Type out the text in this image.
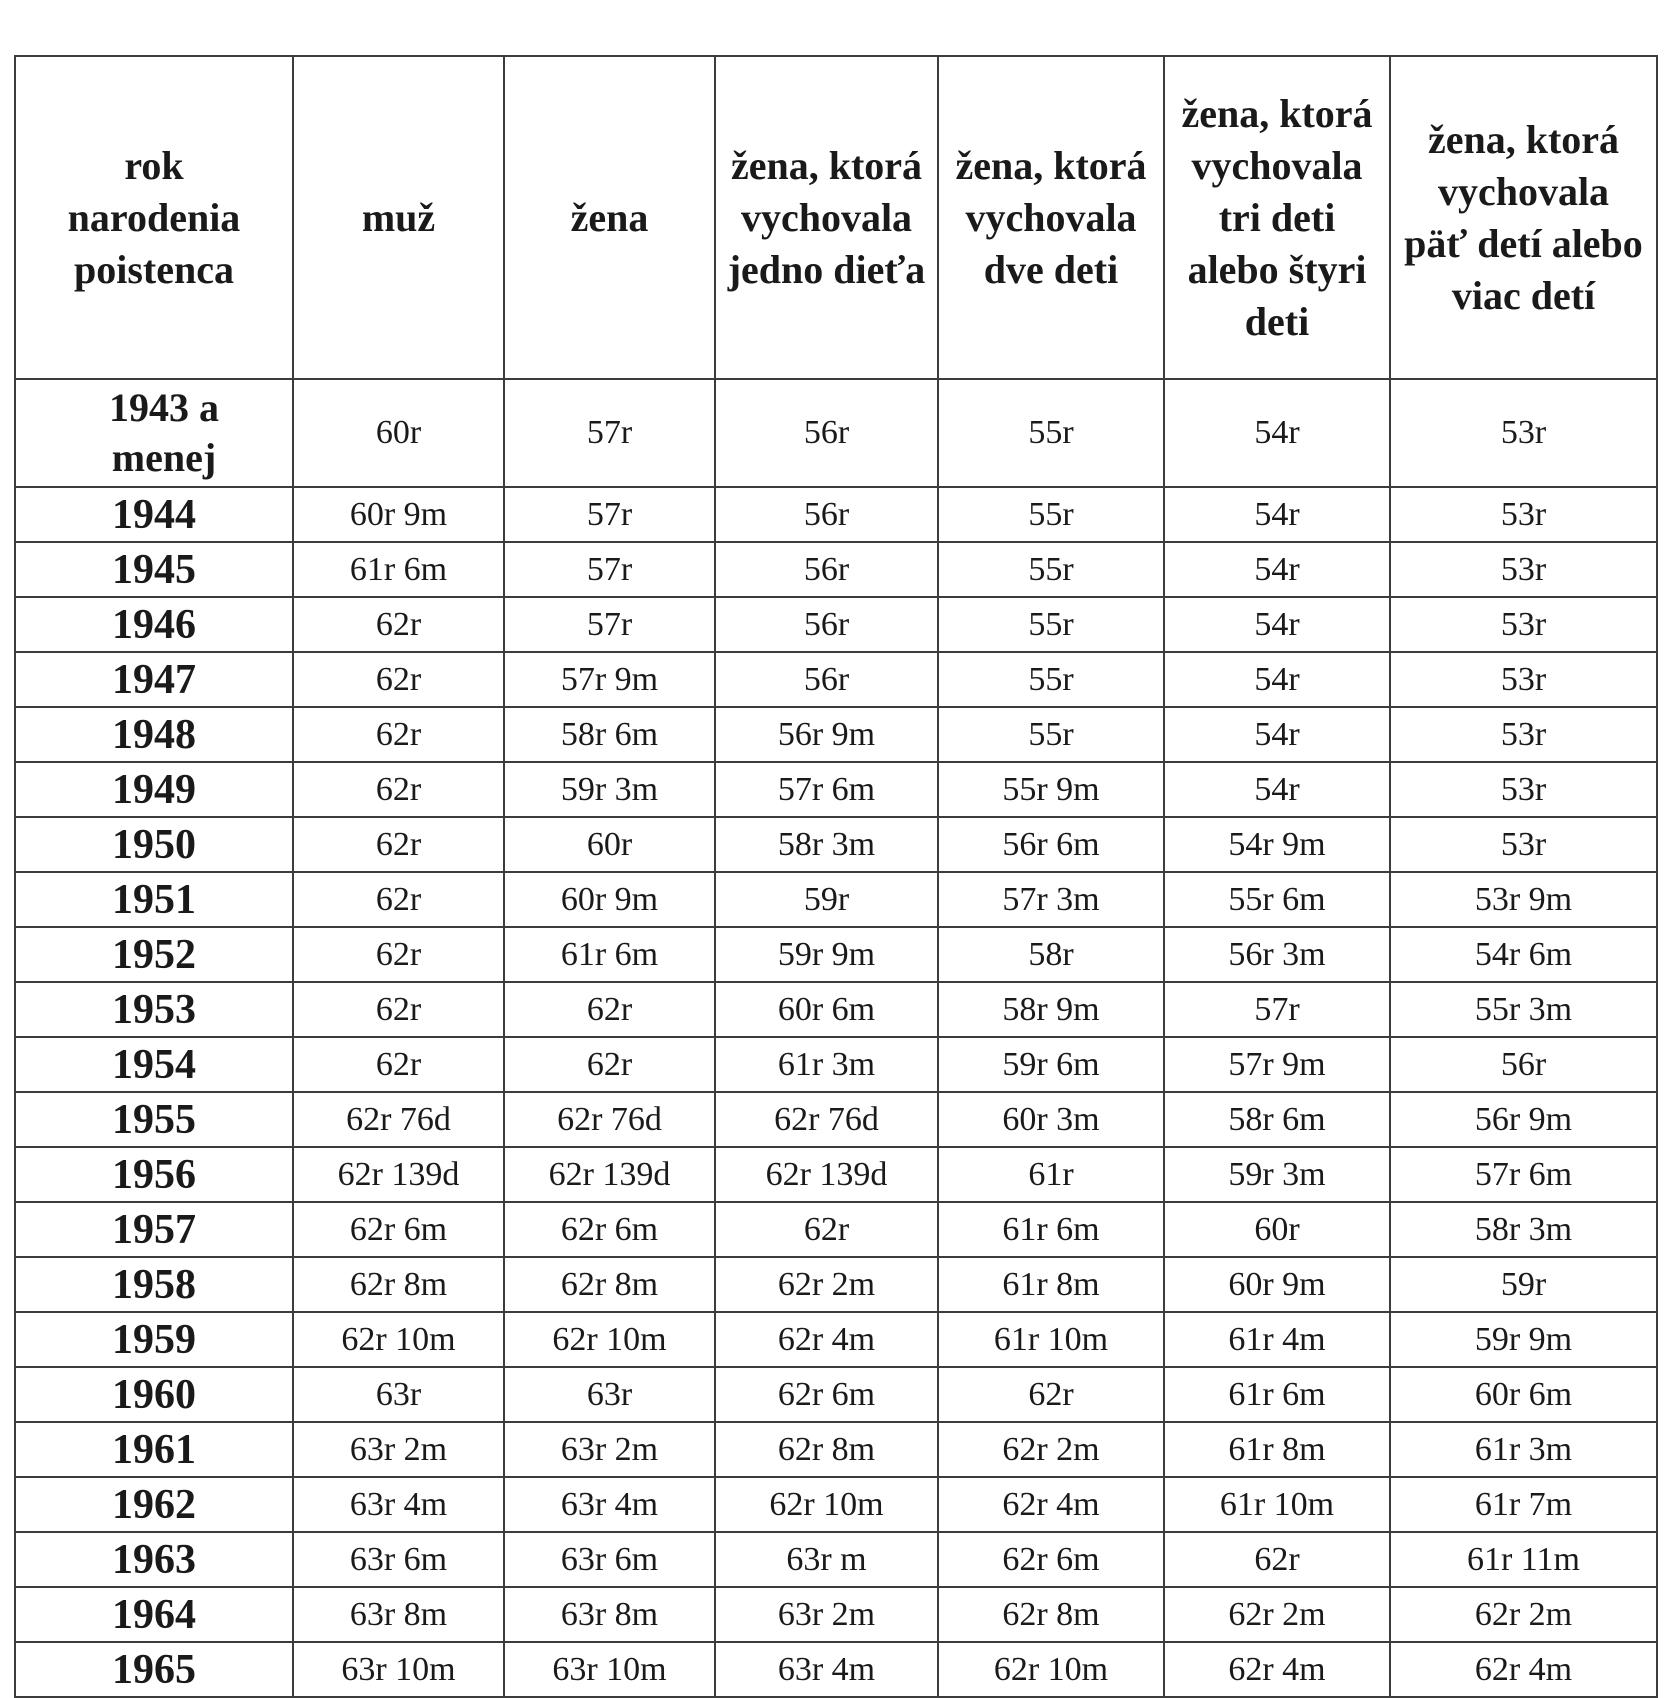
rok narodenia poistenca	muž	žena	žena, ktorá vychovala jedno dieťa	žena, ktorá vychovala dve deti	žena, ktorá vychovala tri deti alebo štyri deti	žena, ktorá vychovala päť detí alebo viac detí
1943 a menej	60r	57r	56r	55r	54r	53r
1944	60r 9m	57r	56r	55r	54r	53r
1945	61r 6m	57r	56r	55r	54r	53r
1946	62r	57r	56r	55r	54r	53r
1947	62r	57r 9m	56r	55r	54r	53r
1948	62r	58r 6m	56r 9m	55r	54r	53r
1949	62r	59r 3m	57r 6m	55r 9m	54r	53r
1950	62r	60r	58r 3m	56r 6m	54r 9m	53r
1951	62r	60r 9m	59r	57r 3m	55r 6m	53r 9m
1952	62r	61r 6m	59r 9m	58r	56r 3m	54r 6m
1953	62r	62r	60r 6m	58r 9m	57r	55r 3m
1954	62r	62r	61r 3m	59r 6m	57r 9m	56r
1955	62r 76d	62r 76d	62r 76d	60r 3m	58r 6m	56r 9m
1956	62r 139d	62r 139d	62r 139d	61r	59r 3m	57r 6m
1957	62r 6m	62r 6m	62r	61r 6m	60r	58r 3m
1958	62r 8m	62r 8m	62r 2m	61r 8m	60r 9m	59r
1959	62r 10m	62r 10m	62r 4m	61r 10m	61r 4m	59r 9m
1960	63r	63r	62r 6m	62r	61r 6m	60r 6m
1961	63r 2m	63r 2m	62r 8m	62r 2m	61r 8m	61r 3m
1962	63r 4m	63r 4m	62r 10m	62r 4m	61r 10m	61r 7m
1963	63r 6m	63r 6m	63r m	62r 6m	62r	61r 11m
1964	63r 8m	63r 8m	63r 2m	62r 8m	62r 2m	62r 2m
1965	63r 10m	63r 10m	63r 4m	62r 10m	62r 4m	62r 4m
